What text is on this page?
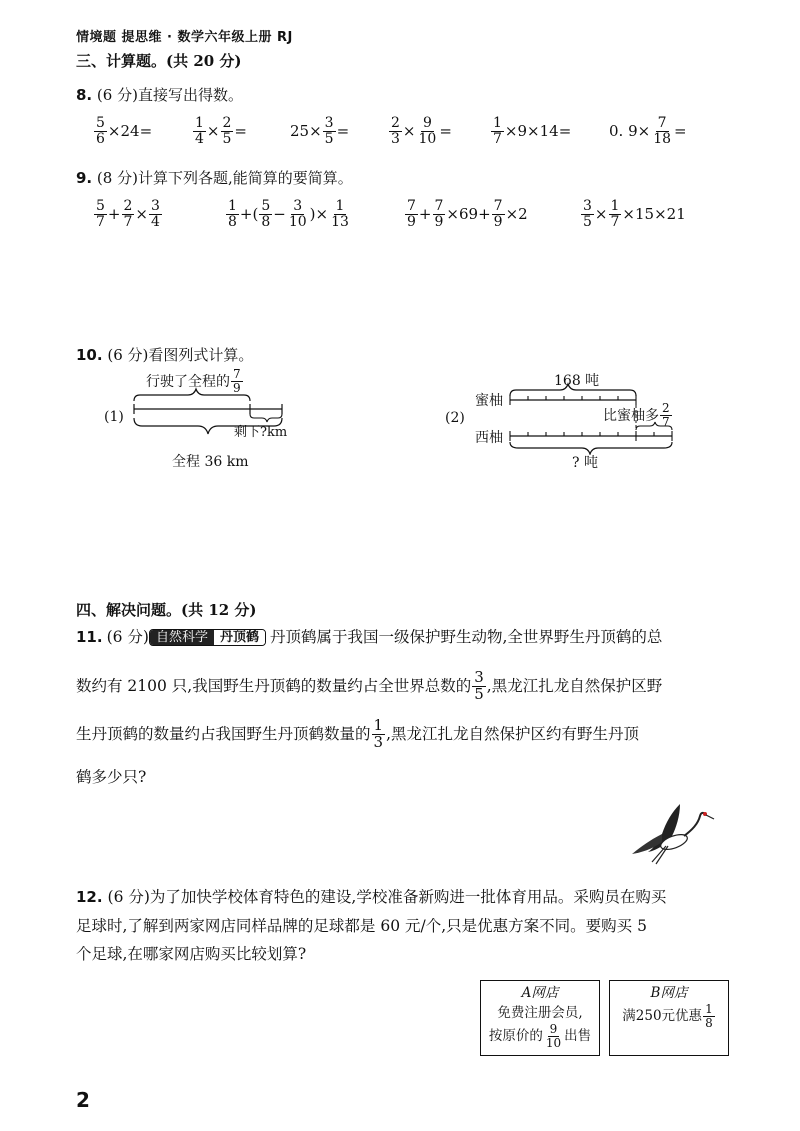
情境题 提思维 · 数学六年级上册 RJ
三、计算题。(共 20 分)
8. (6 分)直接写出得数。
$\frac{5}{6} \times 24=$	$\frac{1}{4} \times \frac{2}{5}$ =	$25\times \frac{3}{5}$ =	$\frac{2}{3} \times \frac{9}{10}$ =	$\frac{1}{7} \times 9\times 14=$	0. $9\times \frac{7}{18}$ =
9. (8 分)计算下列各题,能简算的要简算。
$\frac{5}{7} + \frac{2}{7} \times \frac{3}{4}$	$\frac{1}{8}$ +( $\frac{5}{8} - \frac{3}{10}$ )× $\frac{1}{13}$	$\frac{7}{9} + \frac{7}{9} \times 69+ \frac{7}{9} \times 2$	$\frac{3}{5} \times \frac{1}{7} \times 15\times 21$
10. (6 分)看图列式计算。
行驶了全程的 $\frac{7}{9}$
(1)
剩下?km
全程 36 km
168 吨
蜜柚
(2)
西柚
比蜜柚多 $\frac{2}{7}$
? 吨
四、解决问题。(共 12 分)
11. (6 分) 自然科学 丹顶鹤 丹顶鹤属于我国一级保护野生动物,全世界野生丹顶鹤的总
数约有 2100 只,我国野生丹顶鹤的数量约占全世界总数的 $\frac{3}{5}$ ,黑龙江扎龙自然保护区野
生丹顶鹤的数量约占我国野生丹顶鹤数量的 $\frac{1}{3}$ ,黑龙江扎龙自然保护区约有野生丹顶
鹤多少只?
12. (6 分)为了加快学校体育特色的建设,学校准备新购进一批体育用品。采购员在购买
足球时,了解到两家网店同样品牌的足球都是 60 元/个,只是优惠方案不同。要购买 5
个足球,在哪家网店购买比较划算?
A网店
免费注册会员,
按原价的 $\frac{9}{10}$ 出售
B网店
满250元优惠 $\frac{1}{8}$
2
